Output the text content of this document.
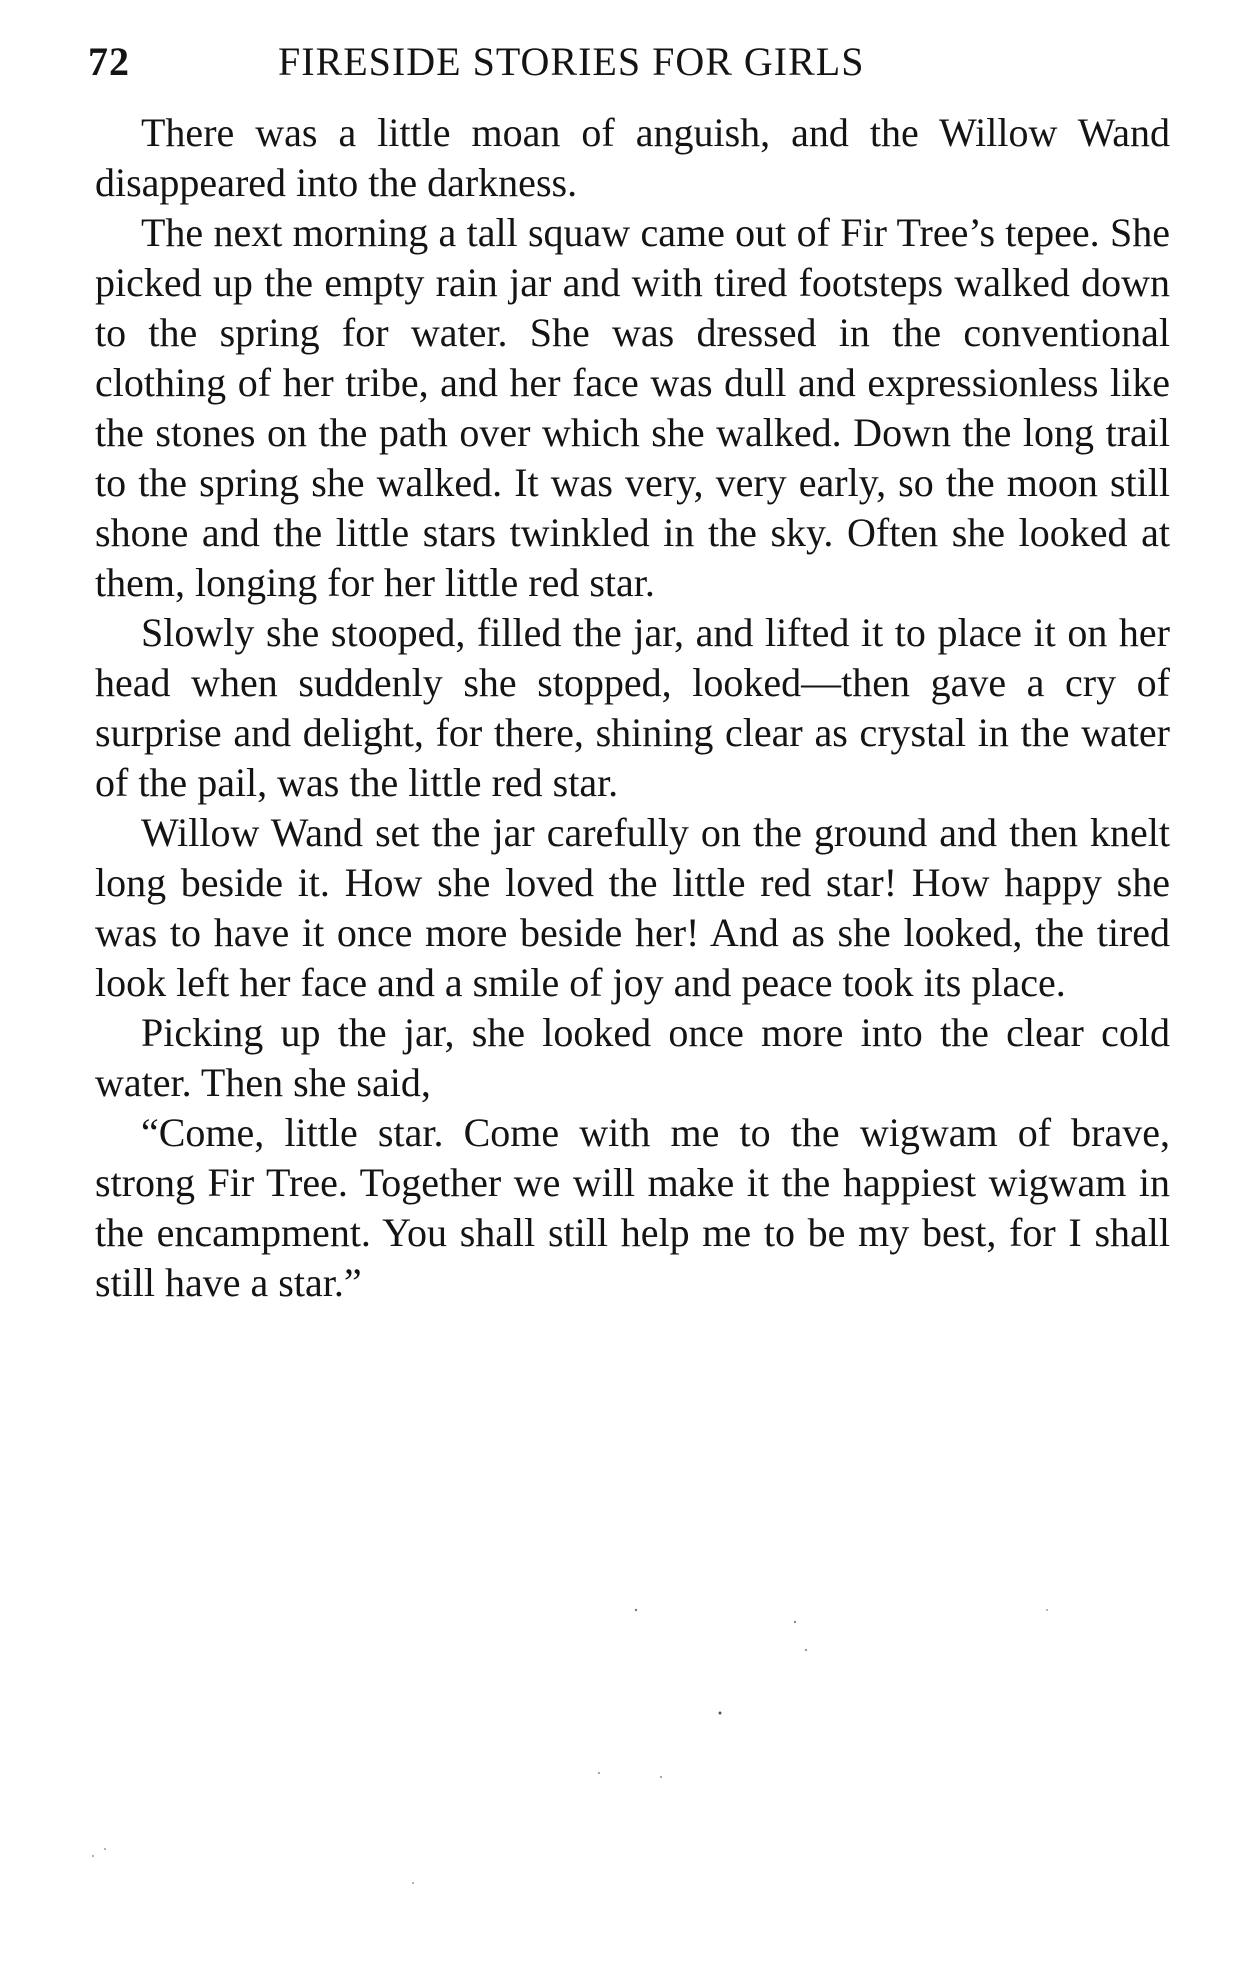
72	FIRESIDE STORIES FOR GIRLS

There was a little moan of anguish, and the Willow Wand disappeared into the darkness.

The next morning a tall squaw came out of Fir Tree’s tepee. She picked up the empty rain jar and with tired footsteps walked down to the spring for water. She was dressed in the conventional clothing of her tribe, and her face was dull and expressionless like the stones on the path over which she walked. Down the long trail to the spring she walked. It was very, very early, so the moon still shone and the little stars twinkled in the sky. Often she looked at them, longing for her little red star.

Slowly she stooped, filled the jar, and lifted it to place it on her head when suddenly she stopped, looked—then gave a cry of surprise and delight, for there, shining clear as crystal in the water of the pail, was the little red star.

Willow Wand set the jar carefully on the ground and then knelt long beside it. How she loved the little red star! How happy she was to have it once more beside her! And as she looked, the tired look left her face and a smile of joy and peace took its place.

Picking up the jar, she looked once more into the clear cold water. Then she said,

“Come, little star. Come with me to the wigwam of brave, strong Fir Tree. Together we will make it the happiest wigwam in the encampment. You shall still help me to be my best, for I shall still have a star.”
